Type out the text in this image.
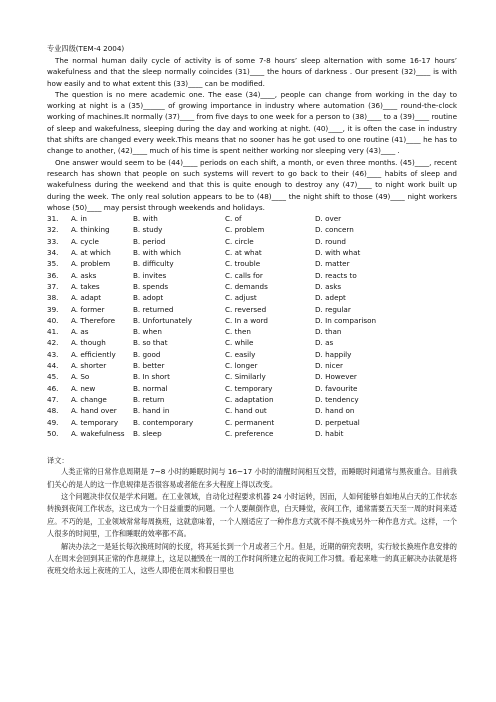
专业四级(TEM-4 2004)

The normal human daily cycle of activity is of some 7-8 hours’ sleep alternation with some 16-17 hours’ wakefulness and that the sleep normally coincides (31)____ the hours of darkness . Our present (32)____ is with how easily and to what extent this (33)____ can be modified.

The question is no mere academic one. The ease (34)____, people can change from working in the day to working at night is a (35)______ of growing importance in industry where automation (36)____ round-the-clock working of machines.It normally (37)____ from five days to one week for a person to (38)____ to a (39)____ routine of sleep and wakefulness, sleeping during the day and working at night. (40)____, it is often the case in industry that shifts are changed every week.This means that no sooner has he got used to one routine (41)____ he has to change to another, (42)____ much of his time is spent neither working nor sleeping very (43)____ .

One answer would seem to be (44)____ periods on each shift, a month, or even three months. (45)____, recent research has shown that people on such systems will revert to go back to their (46)____ habits of sleep and wakefulness during the weekend and that this is quite enough to destroy any (47)____ to night work built up during the week. The only real solution appears to be to (48)____ the night shift to those (49)____ night workers whose (50)____ may persist through weekends and holidays.

31. A. in	B. with	C. of	D. over
32. A. thinking	B. study	C. problem	D. concern
33. A. cycle	B. period	C. circle	D. round
34. A. at which	B. with which	C. at what	D. with what
35. A. problem	B. difficulty	C. trouble	D. matter
36. A. asks	B. invites	C. calls for	D. reacts to
37. A. takes	B. spends	C. demands	D. asks
38. A. adapt	B. adopt	C. adjust	D. adept
39. A. former	B. returned	C. reversed	D. regular
40. A. Therefore B. Unfortunately	C. In a word	D. In comparison
41. A. as	B. when	C. then	D. than
42. A. though	B. so that	C. while	D. as
43. A. efficiently B. good	C. easily	D. happily
44. A. shorter	B. better	C. longer	D. nicer
45. A. So	B. In short	C. Similarly	D. However
46. A. new	B. normal	C. temporary	D. favourite
47. A. change	B. return	C. adaptation	D. tendency
48. A. hand over B. hand in	C. hand out	D. hand on
49. A. temporary B. contemporary	C. permanent	D. perpetual
50. A. wakefulness B. sleep	C. preference	D. habit
译文：

人类正常的日常作息周期是 7~8 小时的睡眠时间与 16~17 小时的清醒时间相互交替，而睡眠时间通常与黑夜重合。目前我们关心的是人的这一作息规律是否很容易或者能在多大程度上得以改变。

这个问题决非仅仅是学术问题。在工业领域，自动化过程要求机器 24 小时运转，因而，人如何能够自如地从白天的工作状态转换到夜间工作状态，这已成为一个日益重要的问题。一个人要颠倒作息，白天睡觉，夜间工作，通常需要五天至一周的时间来适应。不巧的是，工业领域常常每周换班，这就意味着，一个人刚适应了一种作息方式就不得不换成另外一种作息方式。这样，一个人很多的时间里，工作和睡眠的效率都不高。

解决办法之一是延长每次换班时间的长度，将其延长到一个月或者三个月。但是，近期的研究表明，实行较长换班作息安排的人在周末会回到其正常的作息规律上，这足以摧毁在一周的工作时间所建立起的夜间工作习惯。看起来唯一的真正解决办法就是将夜班交给永远上夜班的工人，这些人即使在周末和假日里也
